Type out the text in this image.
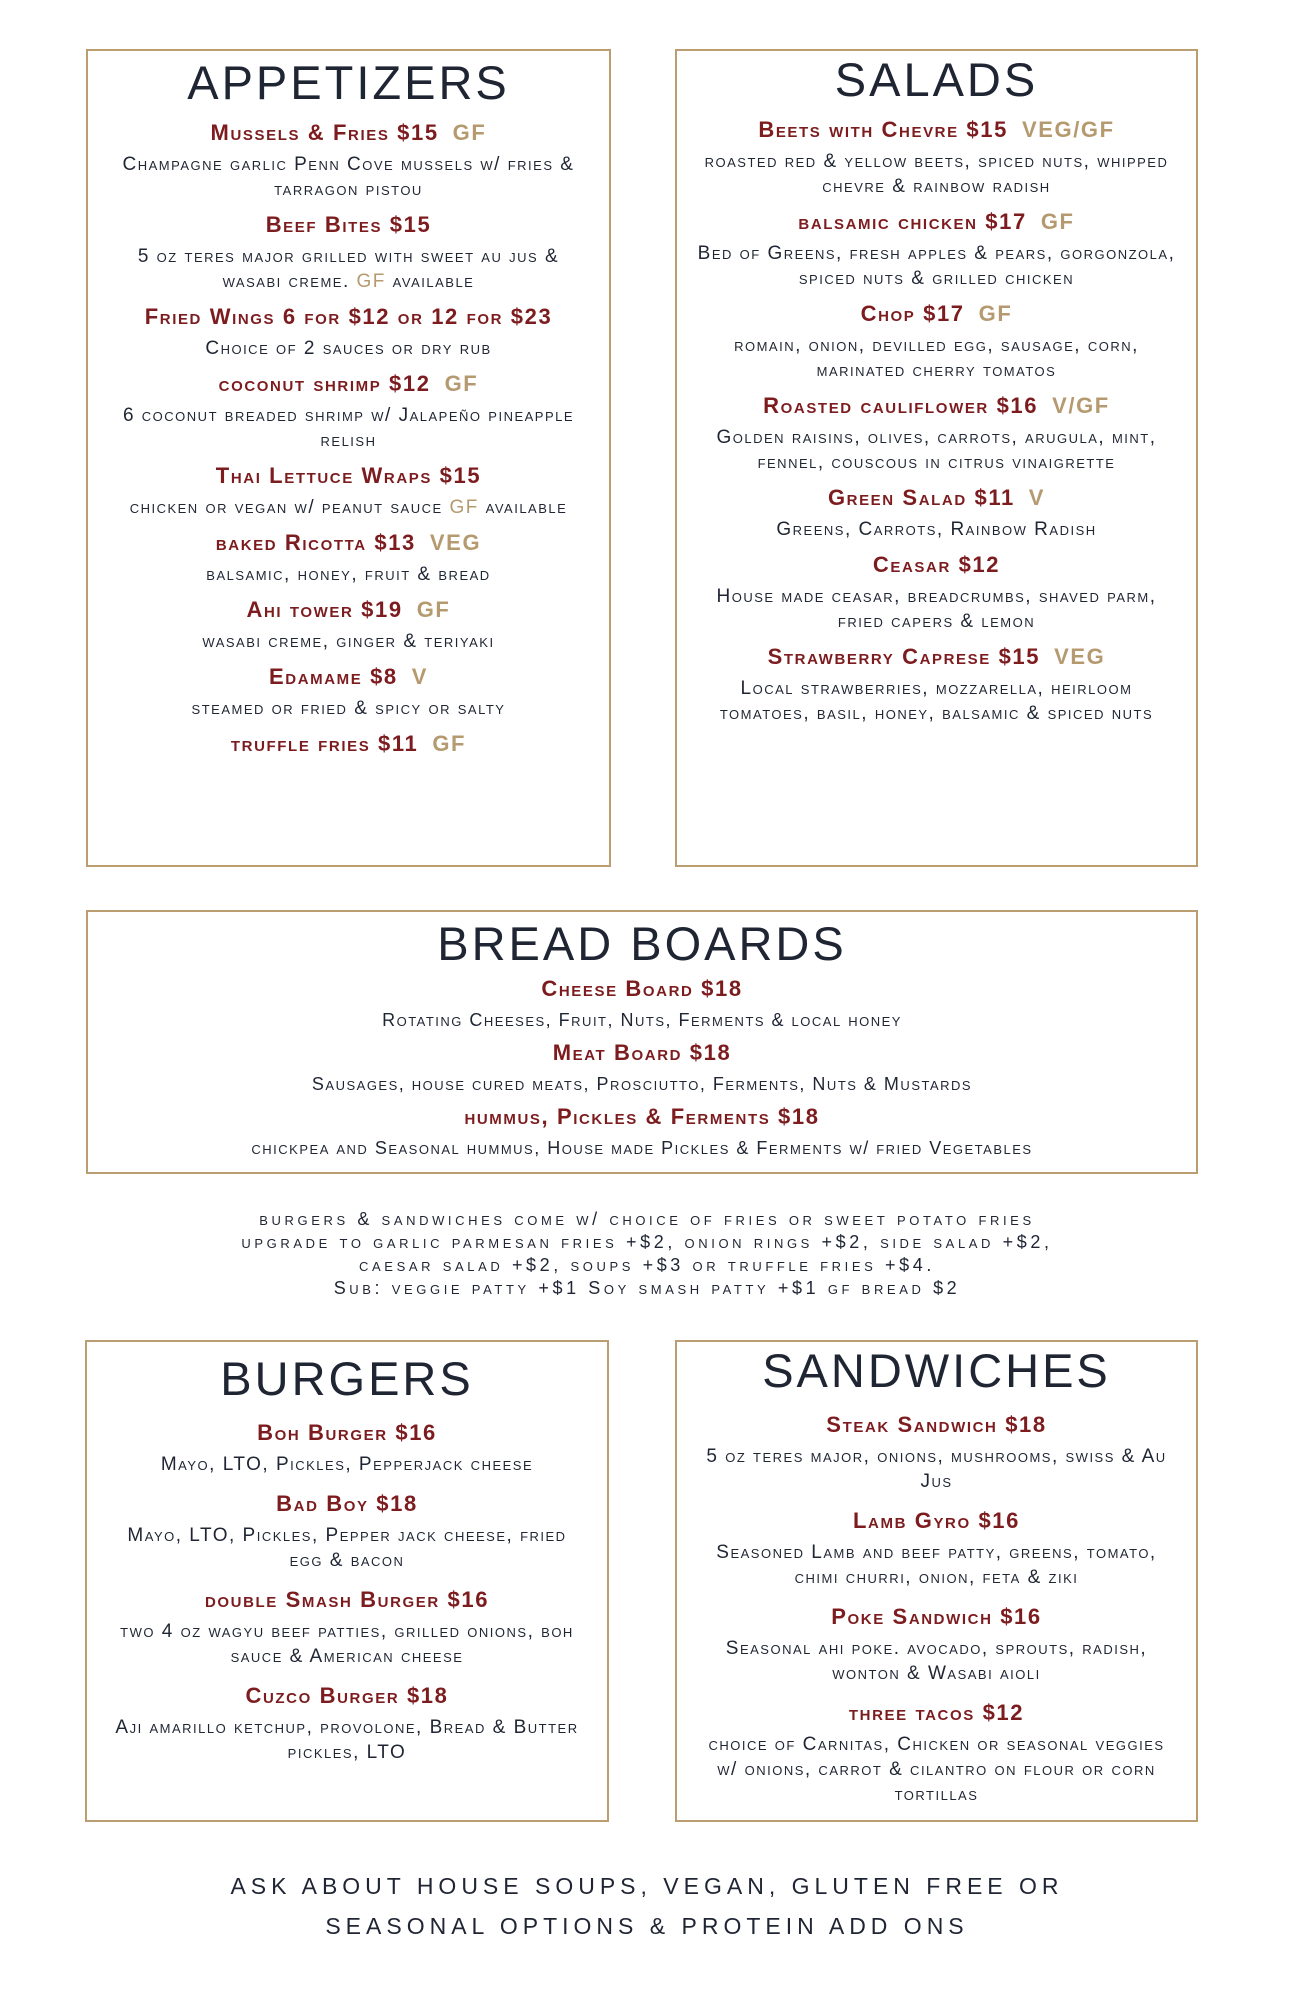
APPETIZERS
Mussels & Fries $15 GF
Champagne garlic Penn Cove mussels w/ fries & tarragon pistou
Beef Bites $15
5 oz teres major grilled with sweet au jus & wasabi creme. GF available
Fried Wings 6 for $12 or 12 for $23
Choice of 2 sauces or dry rub
coconut shrimp $12 GF
6 coconut breaded shrimp w/ Jalapeño pineapple relish
Thai Lettuce Wraps $15
chicken or vegan w/ peanut sauce GF available
baked Ricotta $13 VEG
balsamic, honey, fruit & bread
Ahi tower $19 GF
wasabi creme, ginger & teriyaki
Edamame $8 V
steamed or fried & spicy or salty
truffle fries $11 GF
SALADS
Beets with Chevre $15 VEG/GF
roasted red & yellow beets, spiced nuts, whipped chevre & rainbow radish
balsamic chicken $17 GF
Bed of Greens, fresh apples & pears, gorgonzola, spiced nuts & grilled chicken
Chop $17 GF
romain, onion, devilled egg, sausage, corn, marinated cherry tomatos
Roasted cauliflower $16 V/GF
Golden raisins, olives, carrots, arugula, mint, fennel, couscous in citrus vinaigrette
Green Salad $11 V
Greens, Carrots, Rainbow Radish
Ceasar $12
House made ceasar, breadcrumbs, shaved parm, fried capers & lemon
Strawberry Caprese $15 VEG
Local strawberries, mozzarella, heirloom tomatoes, basil, honey, balsamic & spiced nuts
BREAD BOARDS
Cheese Board $18
Rotating Cheeses, Fruit, Nuts, Ferments & local honey
Meat Board $18
Sausages, house cured meats, Prosciutto, Ferments, Nuts & Mustards
hummus, Pickles & Ferments $18
chickpea and Seasonal hummus, House made Pickles & Ferments w/ fried Vegetables
burgers & sandwiches come w/ choice of fries or sweet potato fries
upgrade to garlic parmesan fries +$2, onion rings +$2, side salad +$2,
caesar salad +$2, soups +$3 or truffle fries +$4.
Sub: veggie patty +$1 Soy smash patty +$1 gf bread $2
BURGERS
Boh Burger $16
Mayo, LTO, Pickles, Pepperjack cheese
Bad Boy $18
Mayo, LTO, Pickles, Pepper jack cheese, fried egg & bacon
double Smash Burger $16
two 4 oz wagyu beef patties, grilled onions, boh sauce & American cheese
Cuzco Burger $18
Aji amarillo ketchup, provolone, Bread & Butter pickles, LTO
SANDWICHES
Steak Sandwich $18
5 oz teres major, onions, mushrooms, swiss & Au Jus
Lamb Gyro $16
Seasoned Lamb and beef patty, greens, tomato, chimi churri, onion, feta & ziki
Poke Sandwich $16
Seasonal ahi poke. avocado, sprouts, radish, wonton & Wasabi aioli
three tacos $12
choice of Carnitas, Chicken or seasonal veggies w/ onions, carrot & cilantro on flour or corn tortillas
ASK ABOUT HOUSE SOUPS, VEGAN, GLUTEN FREE OR
SEASONAL OPTIONS & PROTEIN ADD ONS
